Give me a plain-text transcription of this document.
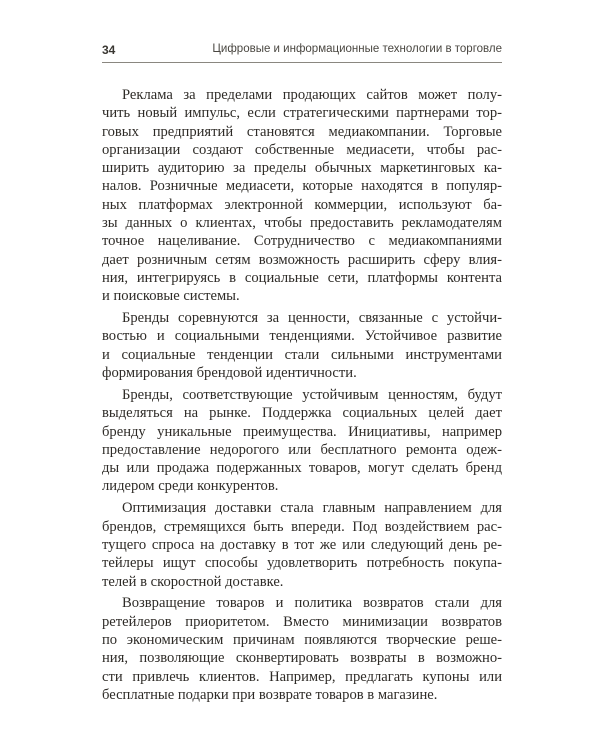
34	Цифровые и информационные технологии в торговле
Реклама за пределами продающих сайтов может полу-
чить новый импульс, если стратегическими партнерами тор-
говых предприятий становятся медиакомпании. Торговые
организации создают собственные медиасети, чтобы рас-
ширить аудиторию за пределы обычных маркетинговых ка-
налов. Розничные медиасети, которые находятся в популяр-
ных платформах электронной коммерции, используют ба-
зы данных о клиентах, чтобы предоставить рекламодателям
точное нацеливание. Сотрудничество с медиакомпаниями
дает розничным сетям возможность расширить сферу влия-
ния, интегрируясь в социальные сети, платформы контента
и поисковые системы.
Бренды соревнуются за ценности, связанные с устойчи-
востью и социальными тенденциями. Устойчивое развитие
и социальные тенденции стали сильными инструментами
формирования брендовой идентичности.
Бренды, соответствующие устойчивым ценностям, будут
выделяться на рынке. Поддержка социальных целей дает
бренду уникальные преимущества. Инициативы, например
предоставление недорогого или бесплатного ремонта одеж-
ды или продажа подержанных товаров, могут сделать бренд
лидером среди конкурентов.
Оптимизация доставки стала главным направлением для
брендов, стремящихся быть впереди. Под воздействием рас-
тущего спроса на доставку в тот же или следующий день ре-
тейлеры ищут способы удовлетворить потребность покупа-
телей в скоростной доставке.
Возвращение товаров и политика возвратов стали для
ретейлеров приоритетом. Вместо минимизации возвратов
по экономическим причинам появляются творческие реше-
ния, позволяющие сконвертировать возвраты в возможно-
сти привлечь клиентов. Например, предлагать купоны или
бесплатные подарки при возврате товаров в магазине.
